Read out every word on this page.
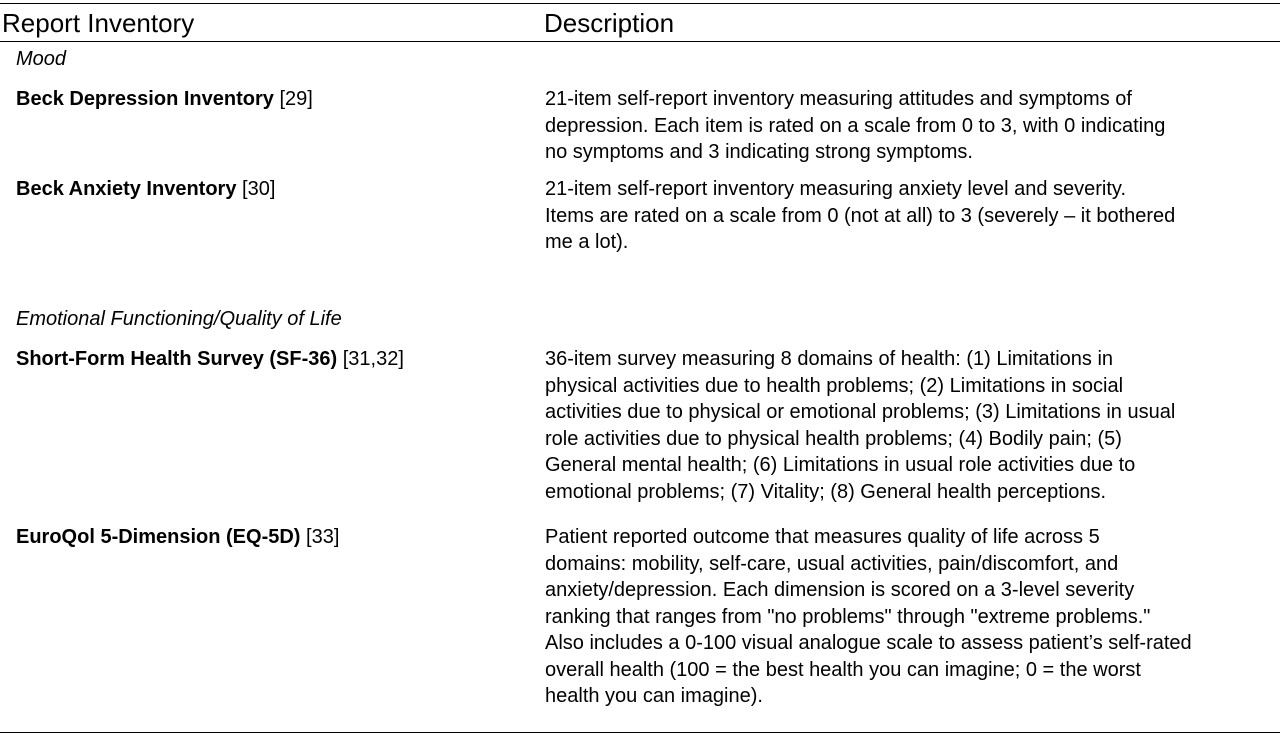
Report Inventory	Description
Mood
Beck Depression Inventory [29]	21-item self-report inventory measuring attitudes and symptoms of
depression. Each item is rated on a scale from 0 to 3, with 0 indicating
no symptoms and 3 indicating strong symptoms.
Beck Anxiety Inventory [30]	21-item self-report inventory measuring anxiety level and severity.
Items are rated on a scale from 0 (not at all) to 3 (severely – it bothered
me a lot).
Emotional Functioning/Quality of Life
Short-Form Health Survey (SF-36) [31,32]	36-item survey measuring 8 domains of health: (1) Limitations in
physical activities due to health problems; (2) Limitations in social
activities due to physical or emotional problems; (3) Limitations in usual
role activities due to physical health problems; (4) Bodily pain; (5)
General mental health; (6) Limitations in usual role activities due to
emotional problems; (7) Vitality; (8) General health perceptions.
EuroQol 5-Dimension (EQ-5D) [33]	Patient reported outcome that measures quality of life across 5
domains: mobility, self-care, usual activities, pain/discomfort, and
anxiety/depression. Each dimension is scored on a 3-level severity
ranking that ranges from "no problems" through "extreme problems."
Also includes a 0-100 visual analogue scale to assess patient’s self-rated
overall health (100 = the best health you can imagine; 0 = the worst
health you can imagine).
